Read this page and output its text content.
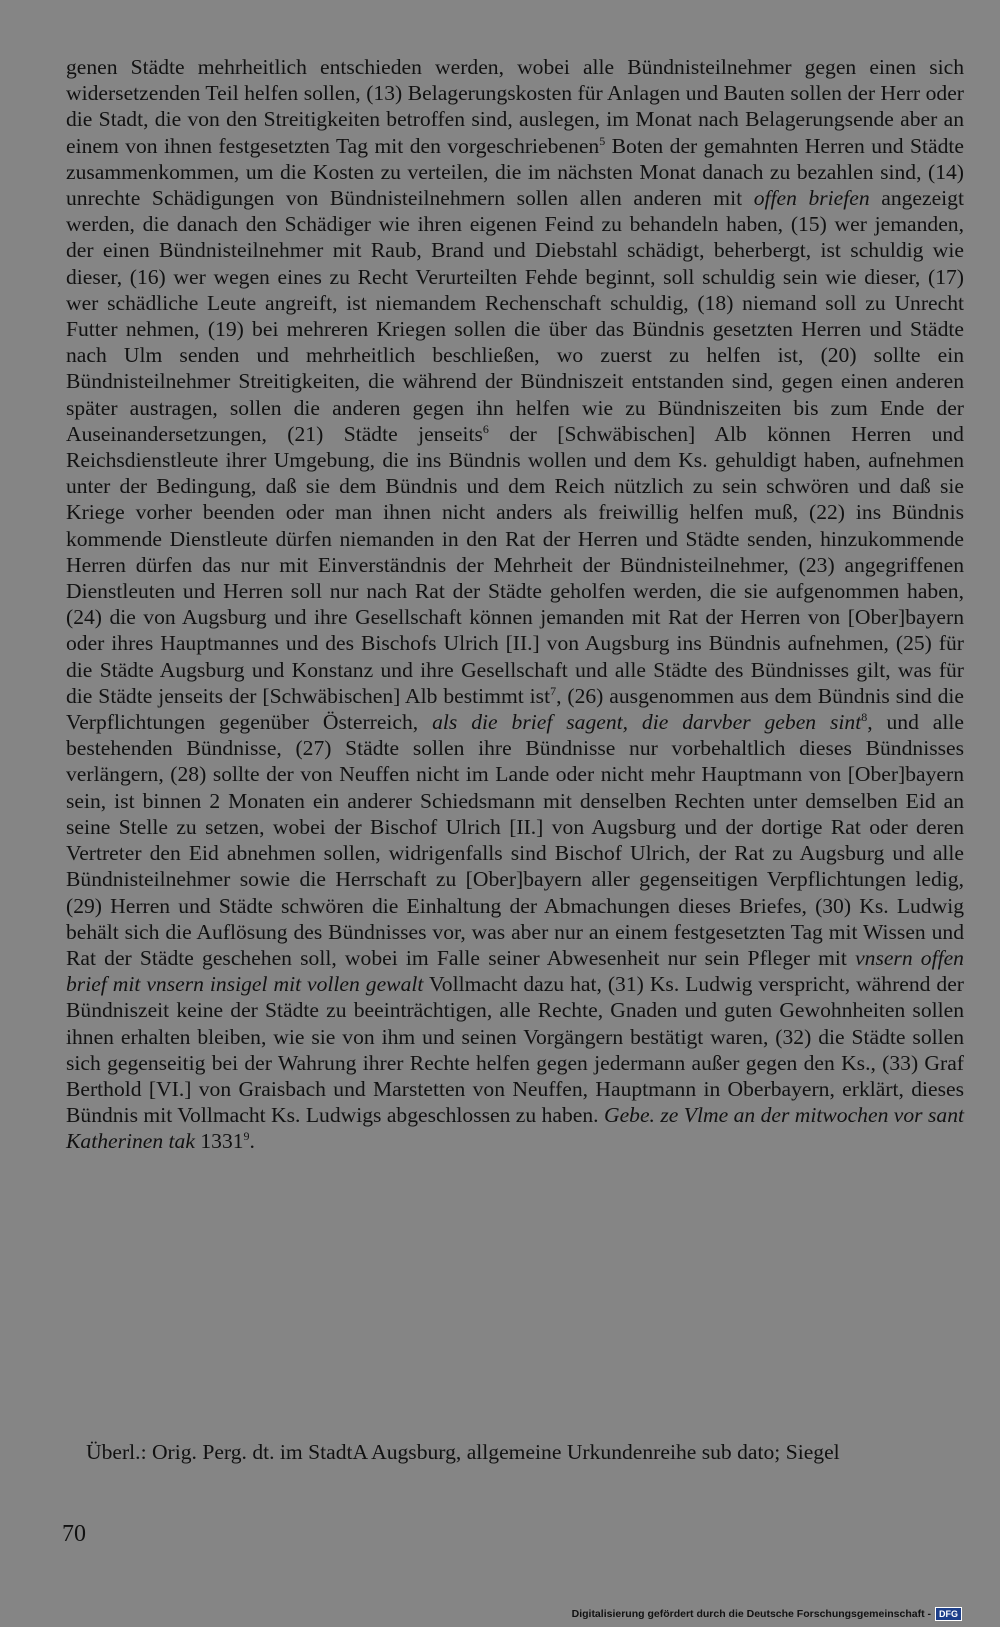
genen Städte mehrheitlich entschieden werden, wobei alle Bündnisteilnehmer gegen einen sich widersetzenden Teil helfen sollen, (13) Belagerungskosten für Anlagen und Bauten sollen der Herr oder die Stadt, die von den Streitigkeiten betroffen sind, auslegen, im Monat nach Belagerungsende aber an einem von ihnen festgesetzten Tag mit den vorgeschriebenen$^5$ Boten der gemahnten Herren und Städte zusammenkommen, um die Kosten zu verteilen, die im nächsten Monat danach zu bezahlen sind, (14) unrechte Schädigungen von Bündnisteilnehmern sollen allen anderen mit offen briefen angezeigt werden, die danach den Schädiger wie ihren eigenen Feind zu behandeln haben, (15) wer jemanden, der einen Bündnisteilnehmer mit Raub, Brand und Diebstahl schädigt, beherbergt, ist schuldig wie dieser, (16) wer wegen eines zu Recht Verurteilten Fehde beginnt, soll schuldig sein wie dieser, (17) wer schädliche Leute angreift, ist niemandem Rechenschaft schuldig, (18) niemand soll zu Unrecht Futter nehmen, (19) bei mehreren Kriegen sollen die über das Bündnis gesetzten Herren und Städte nach Ulm senden und mehrheitlich beschließen, wo zuerst zu helfen ist, (20) sollte ein Bündnisteilnehmer Streitigkeiten, die während der Bündniszeit entstanden sind, gegen einen anderen später austragen, sollen die anderen gegen ihn helfen wie zu Bündniszeiten bis zum Ende der Auseinandersetzungen, (21) Städte jenseits$^6$ der [Schwäbischen] Alb können Herren und Reichsdienstleute ihrer Umgebung, die ins Bündnis wollen und dem Ks. gehuldigt haben, aufnehmen unter der Bedingung, daß sie dem Bündnis und dem Reich nützlich zu sein schwören und daß sie Kriege vorher beenden oder man ihnen nicht anders als freiwillig helfen muß, (22) ins Bündnis kommende Dienstleute dürfen niemanden in den Rat der Herren und Städte senden, hinzukommende Herren dürfen das nur mit Einverständnis der Mehrheit der Bündnisteilnehmer, (23) angegriffenen Dienstleuten und Herren soll nur nach Rat der Städte geholfen werden, die sie aufgenommen haben, (24) die von Augsburg und ihre Gesellschaft können jemanden mit Rat der Herren von [Ober]bayern oder ihres Hauptmannes und des Bischofs Ulrich [II.] von Augsburg ins Bündnis aufnehmen, (25) für die Städte Augsburg und Konstanz und ihre Gesellschaft und alle Städte des Bündnisses gilt, was für die Städte jenseits der [Schwäbischen] Alb bestimmt ist$^7$, (26) ausgenommen aus dem Bündnis sind die Verpflichtungen gegenüber Österreich, als die brief sagent, die darvber geben sint$^8$, und alle bestehenden Bündnisse, (27) Städte sollen ihre Bündnisse nur vorbehaltlich dieses Bündnisses verlängern, (28) sollte der von Neuffen nicht im Lande oder nicht mehr Hauptmann von [Ober]bayern sein, ist binnen 2 Monaten ein anderer Schiedsmann mit denselben Rechten unter demselben Eid an seine Stelle zu setzen, wobei der Bischof Ulrich [II.] von Augsburg und der dortige Rat oder deren Vertreter den Eid abnehmen sollen, widrigenfalls sind Bischof Ulrich, der Rat zu Augsburg und alle Bündnisteilnehmer sowie die Herrschaft zu [Ober]bayern aller gegenseitigen Verpflichtungen ledig, (29) Herren und Städte schwören die Einhaltung der Abmachungen dieses Briefes, (30) Ks. Ludwig behält sich die Auflösung des Bündnisses vor, was aber nur an einem festgesetzten Tag mit Wissen und Rat der Städte geschehen soll, wobei im Falle seiner Abwesenheit nur sein Pfleger mit vnsern offen brief mit vnsern insigel mit vollen gewalt Vollmacht dazu hat, (31) Ks. Ludwig verspricht, während der Bündniszeit keine der Städte zu beeinträchtigen, alle Rechte, Gnaden und guten Gewohnheiten sollen ihnen erhalten bleiben, wie sie von ihm und seinen Vorgängern bestätigt waren, (32) die Städte sollen sich gegenseitig bei der Wahrung ihrer Rechte helfen gegen jedermann außer gegen den Ks., (33) Graf Berthold [VI.] von Graisbach und Marstetten von Neuffen, Hauptmann in Oberbayern, erklärt, dieses Bündnis mit Vollmacht Ks. Ludwigs abgeschlossen zu haben. Gebe. ze Vlme an der mitwochen vor sant Katherinen tak 1331$^9$.
Überl.: Orig. Perg. dt. im StadtA Augsburg, allgemeine Urkundenreihe sub dato; Siegel
70
Digitalisierung gefördert durch die Deutsche Forschungsgemeinschaft - DFG
